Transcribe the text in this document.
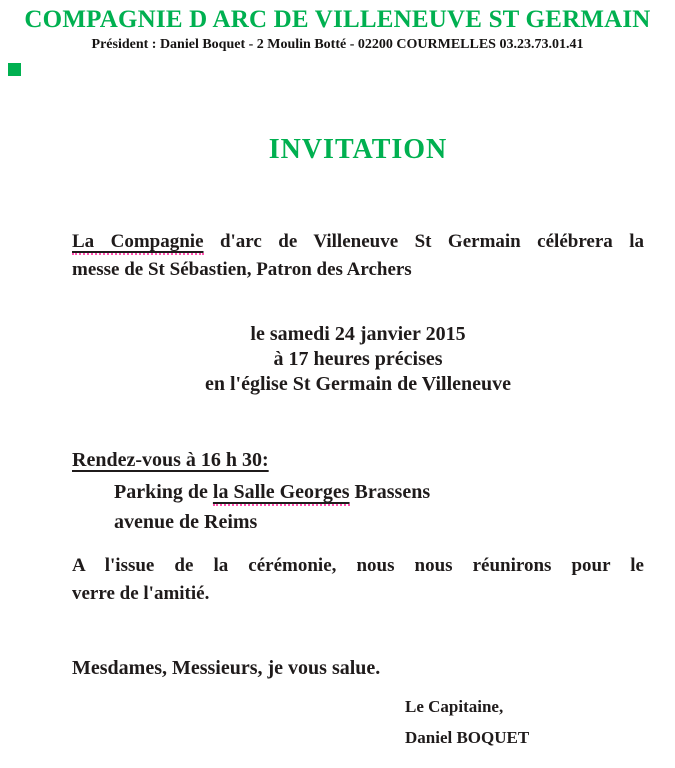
COMPAGNIE D ARC DE VILLENEUVE ST GERMAIN
Président : Daniel Boquet - 2 Moulin Botté - 02200 COURMELLES 03.23.73.01.41
INVITATION
La Compagnie d'arc de Villeneuve St Germain célébrera la
messe de St Sébastien, Patron des Archers
le samedi 24 janvier 2015
à 17 heures précises
en l'église St Germain de Villeneuve
Rendez-vous à 16 h 30:
Parking de la Salle Georges Brassens
avenue de Reims
A l'issue de la cérémonie, nous nous réunirons pour le
verre de l'amitié.
Mesdames, Messieurs, je vous salue.
Le Capitaine,
Daniel BOQUET
